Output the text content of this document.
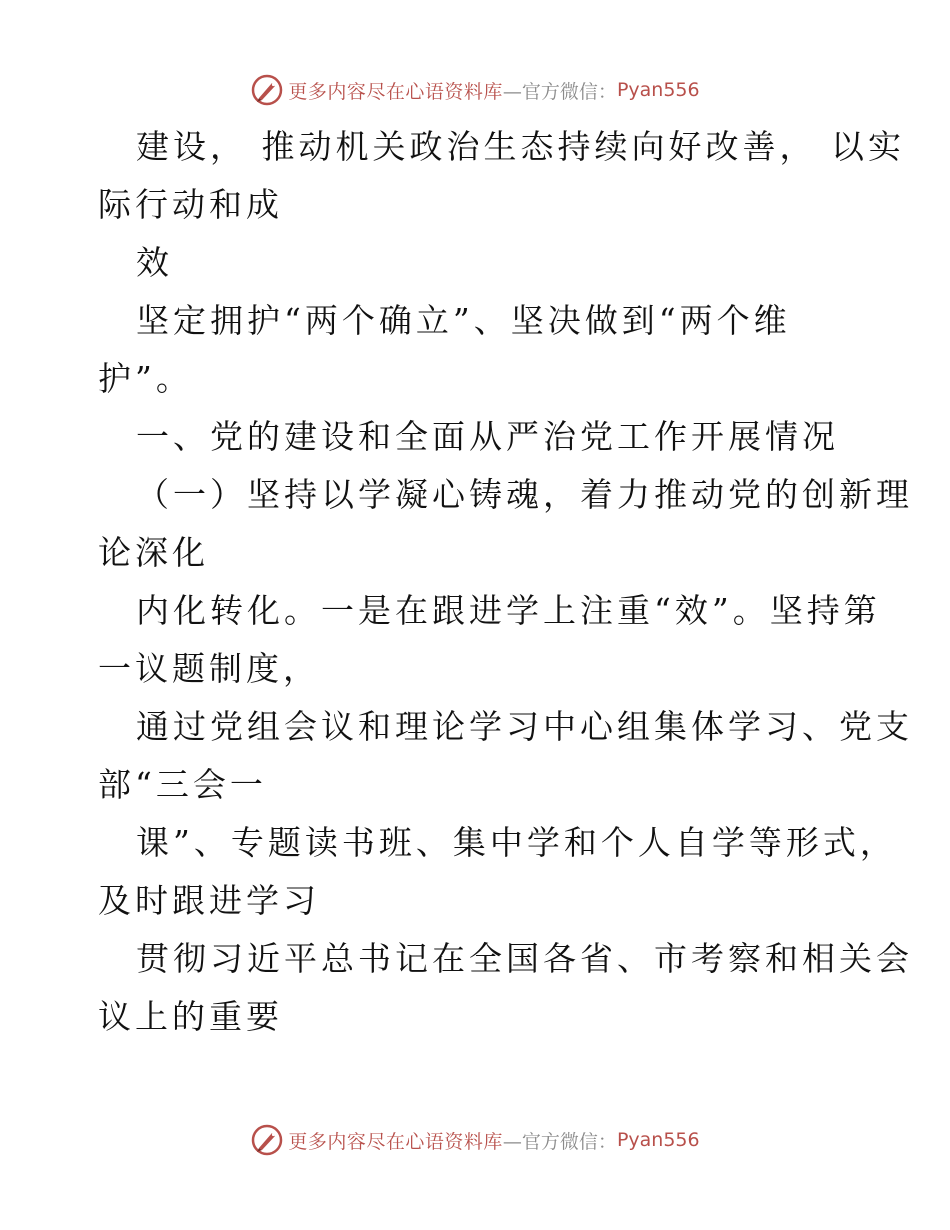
更多内容尽在心语资料库 —官方微信： Pyan556
建设， 推动机关政治生态持续向好改善， 以实
际行动和成
效
坚定拥护“两个确立”、坚决做到“两个维
护”。
一、党的建设和全面从严治党工作开展情况
（一）坚持以学凝心铸魂，着力推动党的创新理
论深化
内化转化。一是在跟进学上注重“效”。坚持第
一议题制度，
通过党组会议和理论学习中心组集体学习、党支
部“三会一
课”、专题读书班、集中学和个人自学等形式，
及时跟进学习
贯彻习近平总书记在全国各省、市考察和相关会
议上的重要
更多内容尽在心语资料库 —官方微信： Pyan556
